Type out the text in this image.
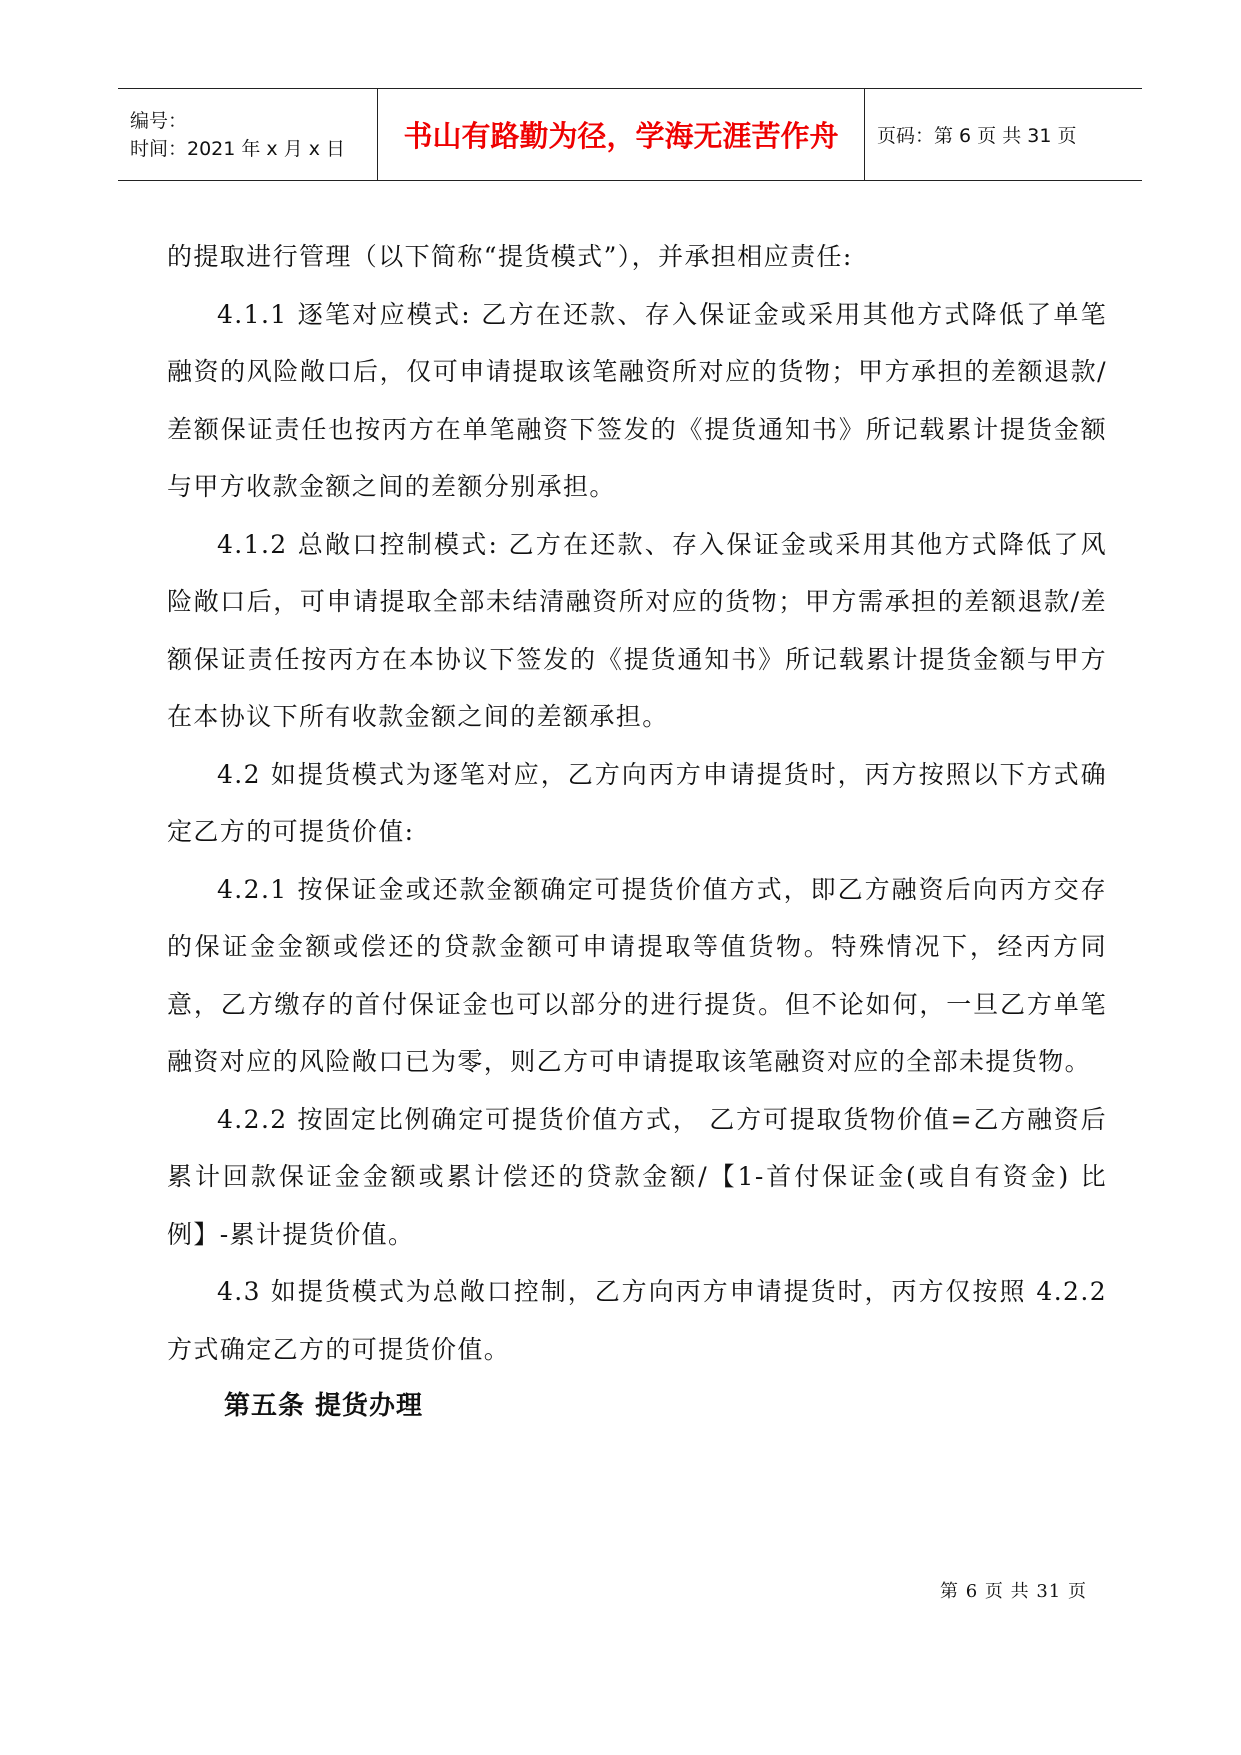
编号：
时间：2021 年 x 月 x 日 书山有路勤为径，学海无涯苦作舟 页码：第 6 页 共 31 页

的提取进行管理（以下简称“提货模式”），并承担相应责任:

4.1.1 逐笔对应模式: 乙方在还款、存入保证金或采用其他方式降低了单笔融资的风险敞口后，仅可申请提取该笔融资所对应的货物；甲方承担的差额退款/差额保证责任也按丙方在单笔融资下签发的《提货通知书》所记载累计提货金额与甲方收款金额之间的差额分别承担。

4.1.2 总敞口控制模式: 乙方在还款、存入保证金或采用其他方式降低了风险敞口后，可申请提取全部未结清融资所对应的货物；甲方需承担的差额退款/差额保证责任按丙方在本协议下签发的《提货通知书》所记载累计提货金额与甲方在本协议下所有收款金额之间的差额承担。

4.2 如提货模式为逐笔对应，乙方向丙方申请提货时，丙方按照以下方式确定乙方的可提货价值:

4.2.1 按保证金或还款金额确定可提货价值方式，即乙方融资后向丙方交存的保证金金额或偿还的贷款金额可申请提取等值货物。特殊情况下，经丙方同意，乙方缴存的首付保证金也可以部分的进行提货。但不论如何，一旦乙方单笔融资对应的风险敞口已为零，则乙方可申请提取该笔融资对应的全部未提货物。

4.2.2 按固定比例确定可提货价值方式， 乙方可提取货物价值=乙方融资后累计回款保证金金额或累计偿还的贷款金额/【1-首付保证金(或自有资金) 比例】-累计提货价值。

4.3 如提货模式为总敞口控制，乙方向丙方申请提货时，丙方仅按照 4.2.2 方式确定乙方的可提货价值。

第五条 提货办理

第 6 页 共 31 页
